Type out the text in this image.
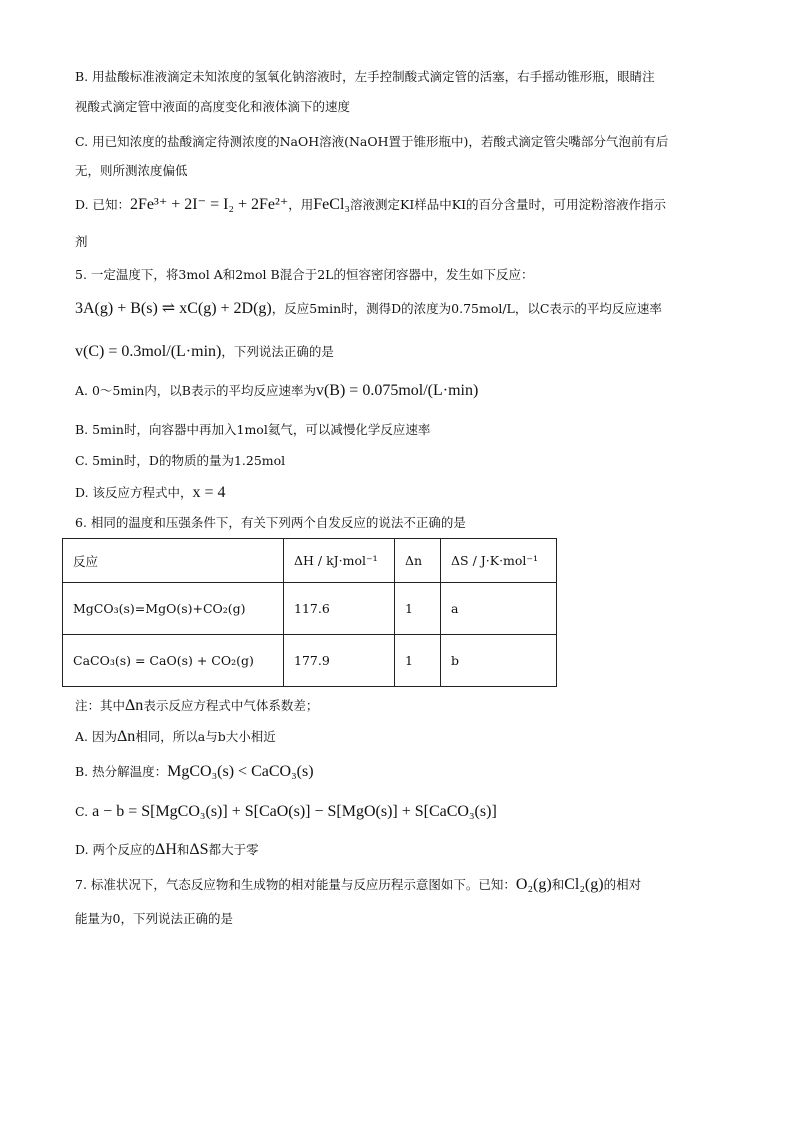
B. 用盐酸标准液滴定未知浓度的氢氧化钠溶液时，左手控制酸式滴定管的活塞，右手摇动锥形瓶，眼睛注
视酸式滴定管中液面的高度变化和液体滴下的速度
C. 用已知浓度的盐酸滴定待测浓度的NaOH溶液(NaOH置于锥形瓶中)，若酸式滴定管尖嘴部分气泡前有后
无，则所测浓度偏低
D. 已知：2Fe³⁺ + 2I⁻ = I₂ + 2Fe²⁺，用FeCl₃溶液测定KI样品中KI的百分含量时，可用淀粉溶液作指示
剂
5. 一定温度下，将3mol A和2mol B混合于2L的恒容密闭容器中，发生如下反应：
3A(g) + B(s) ⇌ xC(g) + 2D(g)，反应5min时，测得D的浓度为0.75mol/L，以C表示的平均反应速率
v(C) = 0.3mol/(L·min)，下列说法正确的是
A. 0～5min内，以B表示的平均反应速率为v(B) = 0.075mol/(L·min)
B. 5min时，向容器中再加入1mol氦气，可以减慢化学反应速率
C. 5min时，D的物质的量为1.25mol
D. 该反应方程式中，x = 4
6. 相同的温度和压强条件下，有关下列两个自发反应的说法不正确的是
反应	ΔH / kJ·mol⁻¹	Δn	ΔS / J·K·mol⁻¹
MgCO₃(s)=MgO(s)+CO₂(g)	117.6	1	a
CaCO₃(s) = CaO(s) + CO₂(g)	177.9	1	b
注：其中Δn表示反应方程式中气体系数差；
A. 因为Δn相同，所以a与b大小相近
B. 热分解温度：MgCO₃(s) < CaCO₃(s)
C. a − b = S[MgCO₃(s)] + S[CaO(s)] − S[MgO(s)] + S[CaCO₃(s)]
D. 两个反应的ΔH和ΔS都大于零
7. 标准状况下，气态反应物和生成物的相对能量与反应历程示意图如下。已知：O₂(g)和Cl₂(g)的相对
能量为0，下列说法正确的是
